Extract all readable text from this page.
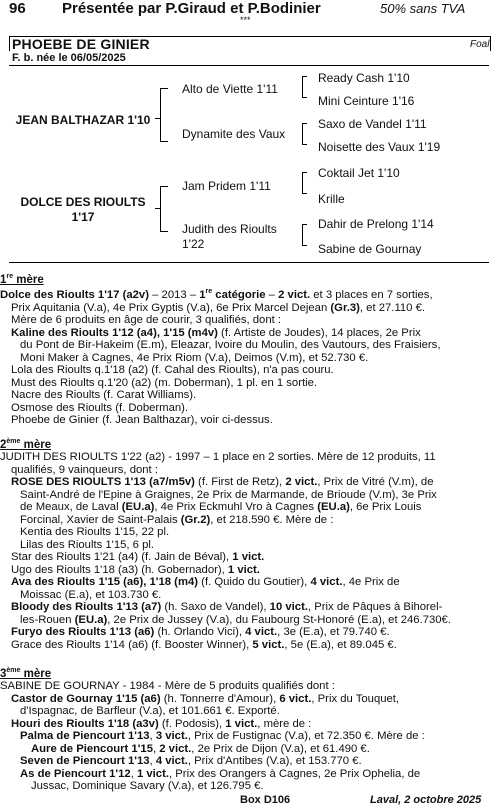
96 Présentée par P.Giraud et P.Bodinier	50% sans TVA
***
PHOEBE DE GINIER	Foal
F. b. née le 06/05/2025
JEAN BALTHAZAR 1'10
Alto de Viette 1'11
Dynamite des Vaux
Ready Cash 1'10
Mini Ceinture 1'16
Saxo de Vandel 1'11
Noisette des Vaux 1'19
DOLCE DES RIOULTS
1'17
Jam Pridem 1'11
Judith des Rioults
1'22
Coktail Jet 1'10
Krille
Dahir de Prelong 1'14
Sabine de Gournay

1re mère

Dolce des Rioults 1'17 (a2v) – 2013 – 1re catégorie – 2 vict. et 3 places en 7 sorties,

Prix Aquitania (V.a), 4e Prix Gyptis (V.a), 6e Prix Marcel Dejean (Gr.3), et 27.110 €.

Mère de 6 produits en âge de courir, 3 qualifiés, dont :

Kaline des Rioults 1'12 (a4), 1'15 (m4v) (f. Artiste de Joudes), 14 places, 2e Prix

du Pont de Bir-Hakeim (E.m), Eleazar, Ivoire du Moulin, des Vautours, des Fraisiers,

Moni Maker à Cagnes, 4e Prix Riom (V.a), Deimos (V.m), et 52.730 €.

Lola des Rioults q.1'18 (a2) (f. Cahal des Rioults), n'a pas couru.

Must des Rioults q.1'20 (a2) (m. Doberman), 1 pl. en 1 sortie.

Nacre des Rioults (f. Carat Williams).

Osmose des Rioults (f. Doberman).

Phoebe de Ginier (f. Jean Balthazar), voir ci-dessus.

2ème mère

JUDITH DES RIOULTS 1'22 (a2) - 1997 – 1 place en 2 sorties. Mère de 12 produits, 11

qualifiés, 9 vainqueurs, dont :

ROSE DES RIOULTS 1'13 (a7/m5v) (f. First de Retz), 2 vict., Prix de Vitré (V.m), de

Saint-André de l'Epine à Graignes, 2e Prix de Marmande, de Brioude (V.m), 3e Prix

de Meaux, de Laval (EU.a), 4e Prix Eckmuhl Vro à Cagnes (EU.a), 6e Prix Louis

Forcinal, Xavier de Saint-Palais (Gr.2), et 218.590 €. Mère de :

Kentia des Rioults 1'15, 22 pl.

Lilas des Rioults 1'15, 6 pl.

Star des Rioults 1'21 (a4) (f. Jain de Béval), 1 vict.

Ugo des Rioults 1'18 (a3) (h. Gobernador), 1 vict.

Ava des Rioults 1'15 (a6), 1'18 (m4) (f. Quido du Goutier), 4 vict., 4e Prix de

Moissac (E.a), et 103.730 €.

Bloody des Rioults 1'13 (a7) (h. Saxo de Vandel), 10 vict., Prix de Pâques à Bihorel-

les-Rouen (EU.a), 2e Prix de Jussey (V.a), du Faubourg St-Honoré (E.a), et 246.730€.

Furyo des Rioults 1'13 (a6) (h. Orlando Vici), 4 vict., 3e (E.a), et 79.740 €.

Grace des Rioults 1'14 (a6) (f. Booster Winner), 5 vict., 5e (E.a), et 89.045 €.

3ème mère

SABINE DE GOURNAY - 1984 - Mère de 5 produits qualifiés dont :

Castor de Gournay 1'15 (a6) (h. Tonnerre d'Amour), 6 vict., Prix du Touquet,

d'Ispagnac, de Barfleur (V.a), et 101.661 €. Exporté.

Houri des Rioults 1'18 (a3v) (f. Podosis), 1 vict., mère de :

Palma de Piencourt 1'13, 3 vict., Prix de Fustignac (V.a), et 72.350 €. Mère de :

Aure de Piencourt 1'15, 2 vict., 2e Prix de Dijon (V.a), et 61.490 €.

Seven de Piencourt 1'13, 4 vict., Prix d'Antibes (V.a), et 153.770 €.

As de Piencourt 1'12, 1 vict., Prix des Orangers à Cagnes, 2e Prix Ophelia, de

Jussac, Dominique Savary (V.a), et 126.795 €.

Box D106	Laval, 2 octobre 2025
